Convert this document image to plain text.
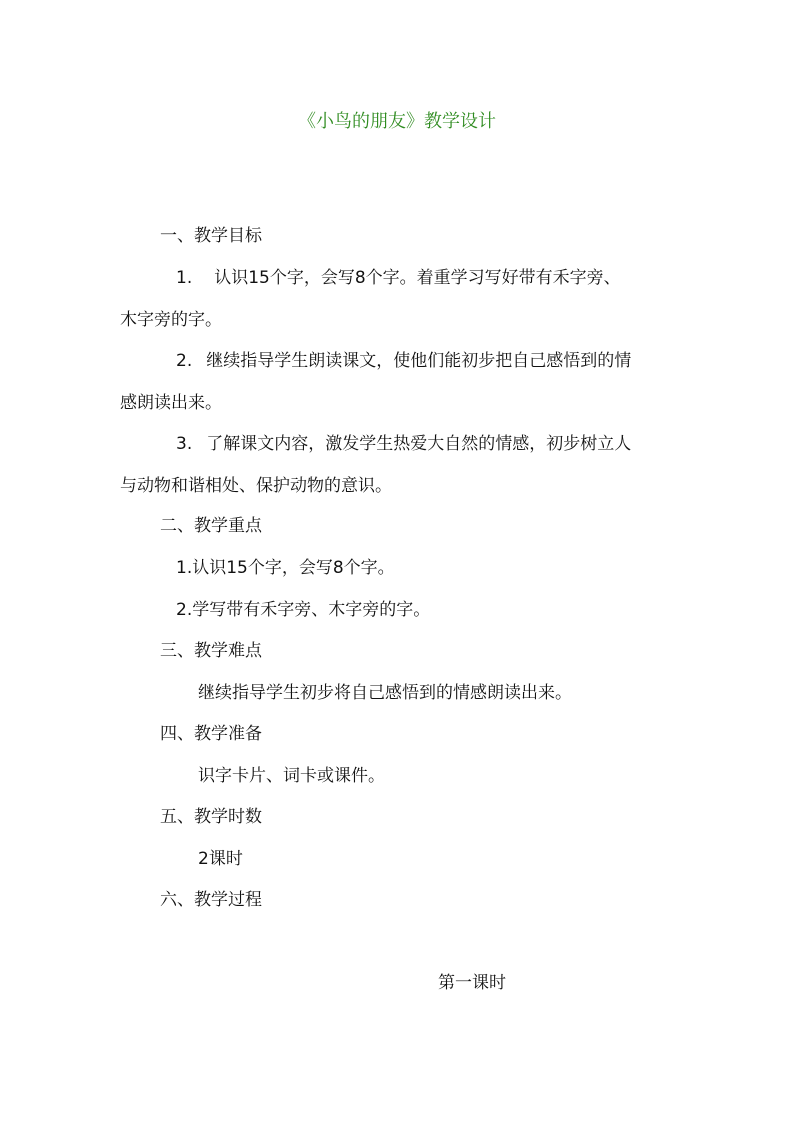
《小鸟的朋友》教学设计
一、教学目标
1. 认识15个字，会写8个字。着重学习写好带有禾字旁、
木字旁的字。
2. 继续指导学生朗读课文，使他们能初步把自己感悟到的情
感朗读出来。
3. 了解课文内容，激发学生热爱大自然的情感，初步树立人
与动物和谐相处、保护动物的意识。
二、教学重点
1.认识15个字，会写8个字。
2.学写带有禾字旁、木字旁的字。
三、教学难点
继续指导学生初步将自己感悟到的情感朗读出来。
四、教学准备
识字卡片、词卡或课件。
五、教学时数
2课时
六、教学过程
第一课时
